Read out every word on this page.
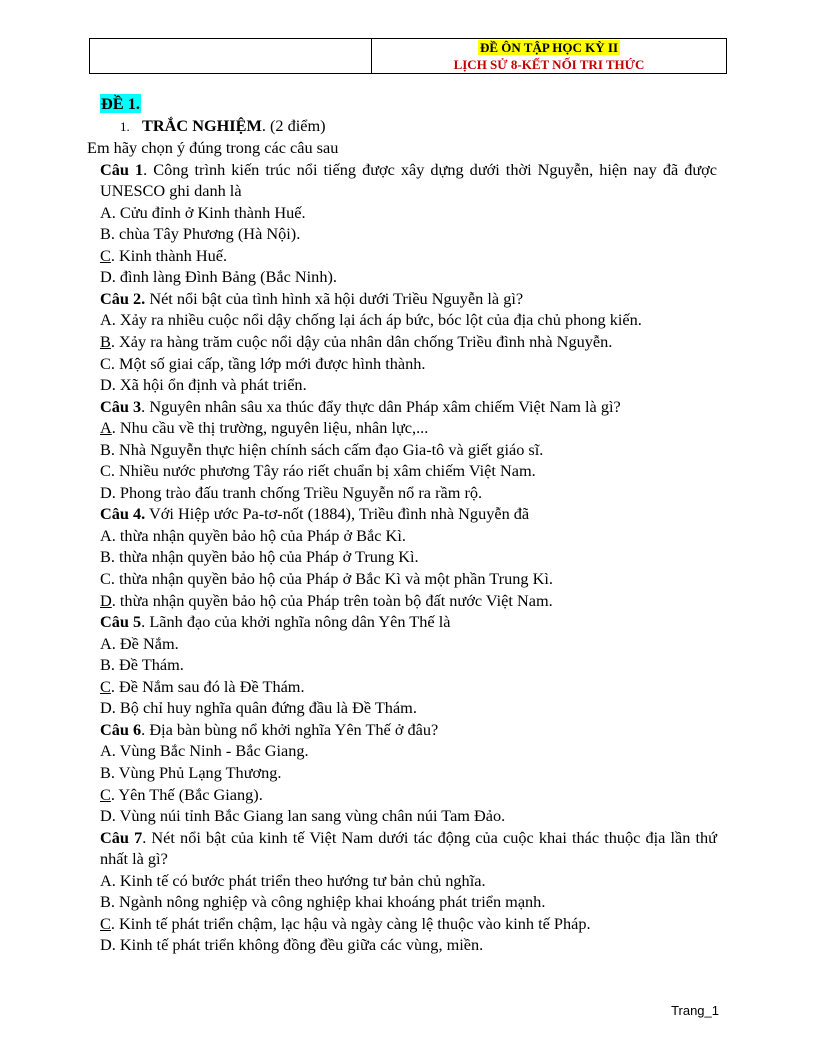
ĐỀ ÔN TẬP HỌC KỲ II
LỊCH SỬ 8-KẾT NỐI TRI THỨC
ĐỀ 1.
1. TRẮC NGHIỆM. (2 điểm)
Em hãy chọn ý đúng trong các câu sau
Câu 1. Công trình kiến trúc nổi tiếng được xây dựng dưới thời Nguyễn, hiện nay đã được UNESCO ghi danh là
A. Cửu đỉnh ở Kinh thành Huế.
B. chùa Tây Phương (Hà Nội).
C. Kinh thành Huế.
D. đình làng Đình Bảng (Bắc Ninh).
Câu 2. Nét nổi bật của tình hình xã hội dưới Triều Nguyễn là gì?
A. Xảy ra nhiều cuộc nổi dậy chống lại ách áp bức, bóc lột của địa chủ phong kiến.
B. Xảy ra hàng trăm cuộc nổi dậy của nhân dân chống Triều đình nhà Nguyễn.
C. Một số giai cấp, tầng lớp mới được hình thành.
D. Xã hội ổn định và phát triển.
Câu 3. Nguyên nhân sâu xa thúc đẩy thực dân Pháp xâm chiếm Việt Nam là gì?
A. Nhu cầu về thị trường, nguyên liệu, nhân lực,...
B. Nhà Nguyễn thực hiện chính sách cấm đạo Gia-tô và giết giáo sĩ.
C. Nhiều nước phương Tây ráo riết chuẩn bị xâm chiếm Việt Nam.
D. Phong trào đấu tranh chống Triều Nguyễn nổ ra rầm rộ.
Câu 4. Với Hiệp ước Pa-tơ-nốt (1884), Triều đình nhà Nguyễn đã
A. thừa nhận quyền bảo hộ của Pháp ở Bắc Kì.
B. thừa nhận quyền bảo hộ của Pháp ở Trung Kì.
C. thừa nhận quyền bảo hộ của Pháp ở Bắc Kì và một phần Trung Kì.
D. thừa nhận quyền bảo hộ của Pháp trên toàn bộ đất nước Việt Nam.
Câu 5. Lãnh đạo của khởi nghĩa nông dân Yên Thế là
A. Đề Nắm.
B. Đề Thám.
C. Đề Nắm sau đó là Đề Thám.
D. Bộ chỉ huy nghĩa quân đứng đầu là Đề Thám.
Câu 6. Địa bàn bùng nổ khởi nghĩa Yên Thế ở đâu?
A. Vùng Bắc Ninh - Bắc Giang.
B. Vùng Phủ Lạng Thương.
C. Yên Thế (Bắc Giang).
D. Vùng núi tỉnh Bắc Giang lan sang vùng chân núi Tam Đảo.
Câu 7. Nét nổi bật của kinh tế Việt Nam dưới tác động của cuộc khai thác thuộc địa lần thứ nhất là gì?
A. Kinh tế có bước phát triển theo hướng tư bản chủ nghĩa.
B. Ngành nông nghiệp và công nghiệp khai khoáng phát triển mạnh.
C. Kinh tế phát triển chậm, lạc hậu và ngày càng lệ thuộc vào kinh tế Pháp.
D. Kinh tế phát triển không đồng đều giữa các vùng, miền.
Trang_1
